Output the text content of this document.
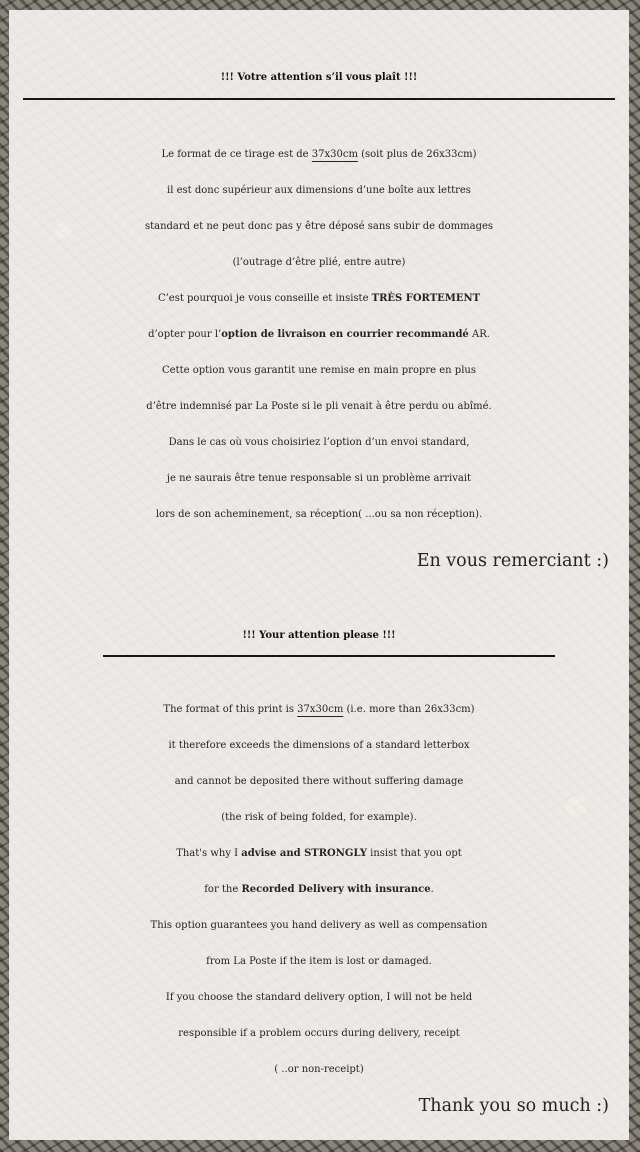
!!! Votre attention s’il vous plaît !!!
Le format de ce tirage est de 37x30cm (soit plus de 26x33cm)
il est donc supérieur aux dimensions d’une boîte aux lettres
standard et ne peut donc pas y être déposé sans subir de dommages
(l’outrage d’être plié, entre autre)
C’est pourquoi je vous conseille et insiste TRÈS FORTEMENT
d’opter pour l’option de livraison en courrier recommandé AR.
Cette option vous garantit une remise en main propre en plus
d’être indemnisé par La Poste si le pli venait à être perdu ou abîmé.
Dans le cas où vous choisiriez l’option d’un envoi standard,
je ne saurais être tenue responsable si un problème arrivait
lors de son acheminement, sa réception( ...ou sa non réception).
En vous remerciant :)
!!! Your attention please !!!
The format of this print is 37x30cm (i.e. more than 26x33cm)
it therefore exceeds the dimensions of a standard letterbox
and cannot be deposited there without suffering damage
(the risk of being folded, for example).
That's why I advise and STRONGLY insist that you opt
for the Recorded Delivery with insurance.
This option guarantees you hand delivery as well as compensation
from La Poste if the item is lost or damaged.
If you choose the standard delivery option, I will not be held
responsible if a problem occurs during delivery, receipt
( ..or non-receipt)
Thank you so much :)
